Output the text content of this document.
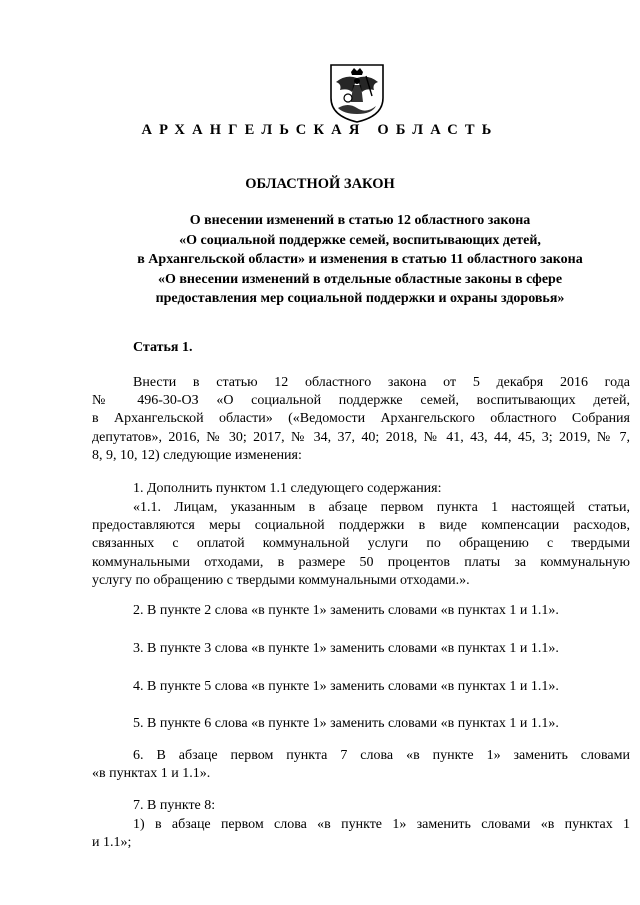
АРХАНГЕЛЬСКАЯ ОБЛАСТЬ
ОБЛАСТНОЙ ЗАКОН
О внесении изменений в статью 12 областного закона
«О социальной поддержке семей, воспитывающих детей,
в Архангельской области» и изменения в статью 11 областного закона
«О внесении изменений в отдельные областные законы в сфере
предоставления мер социальной поддержки и охраны здоровья»
Статья 1.
Внести в статью 12 областного закона от 5 декабря 2016 года
№ 496-30-ОЗ «О социальной поддержке семей, воспитывающих детей,
в Архангельской области» («Ведомости Архангельского областного Собрания
депутатов», 2016, № 30; 2017, № 34, 37, 40; 2018, № 41, 43, 44, 45, 3; 2019, № 7,
8, 9, 10, 12) следующие изменения:
1. Дополнить пунктом 1.1 следующего содержания:
«1.1. Лицам, указанным в абзаце первом пункта 1 настоящей статьи,
предоставляются меры социальной поддержки в виде компенсации расходов,
связанных с оплатой коммунальной услуги по обращению с твердыми
коммунальными отходами, в размере 50 процентов платы за коммунальную
услугу по обращению с твердыми коммунальными отходами.».
2. В пункте 2 слова «в пункте 1» заменить словами «в пунктах 1 и 1.1».
3. В пункте 3 слова «в пункте 1» заменить словами «в пунктах 1 и 1.1».
4. В пункте 5 слова «в пункте 1» заменить словами «в пунктах 1 и 1.1».
5. В пункте 6 слова «в пункте 1» заменить словами «в пунктах 1 и 1.1».
6. В абзаце первом пункта 7 слова «в пункте 1» заменить словами
«в пунктах 1 и 1.1».
7. В пункте 8:
1) в абзаце первом слова «в пункте 1» заменить словами «в пунктах 1
и 1.1»;
